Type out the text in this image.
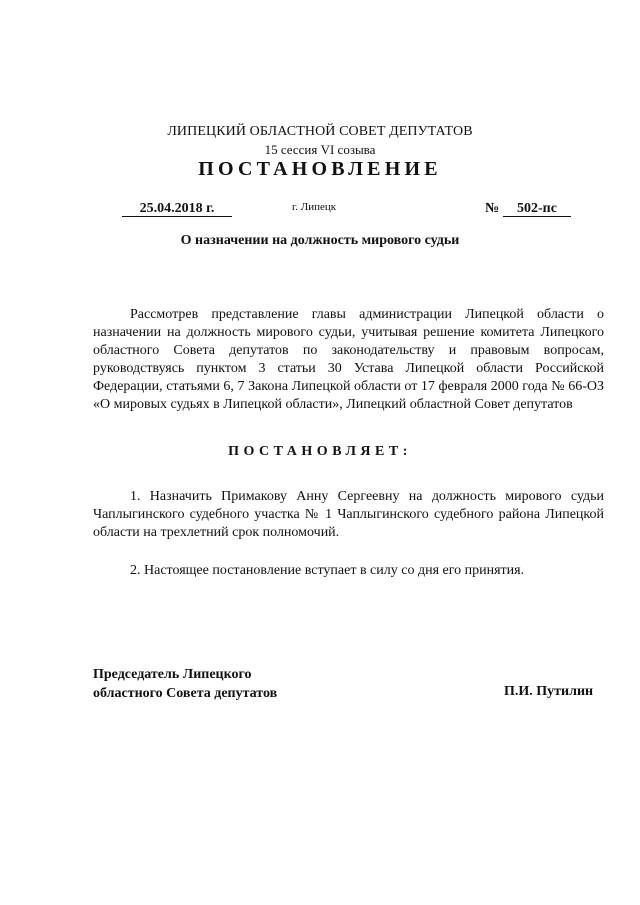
ЛИПЕЦКИЙ ОБЛАСТНОЙ СОВЕТ ДЕПУТАТОВ
15 сессия VI созыва
ПОСТАНОВЛЕНИЕ
25.04.2018 г.	г. Липецк	№	502-пс
О назначении на должность мирового судьи

Рассмотрев представление главы администрации Липецкой области о назначении на должность мирового судьи, учитывая решение комитета Липецкого областного Совета депутатов по законодательству и правовым вопросам, руководствуясь пунктом 3 статьи 30 Устава Липецкой области Российской Федерации, статьями 6, 7 Закона Липецкой области от 17 февраля 2000 года № 66-ОЗ «О мировых судьях в Липецкой области», Липецкий областной Совет депутатов

ПОСТАНОВЛЯЕТ:

1. Назначить Примакову Анну Сергеевну на должность мирового судьи Чаплыгинского судебного участка № 1 Чаплыгинского судебного района Липецкой области на трехлетний срок полномочий.

2. Настоящее постановление вступает в силу со дня его принятия.

Председатель Липецкого
областного Совета депутатов	П.И. Путилин
